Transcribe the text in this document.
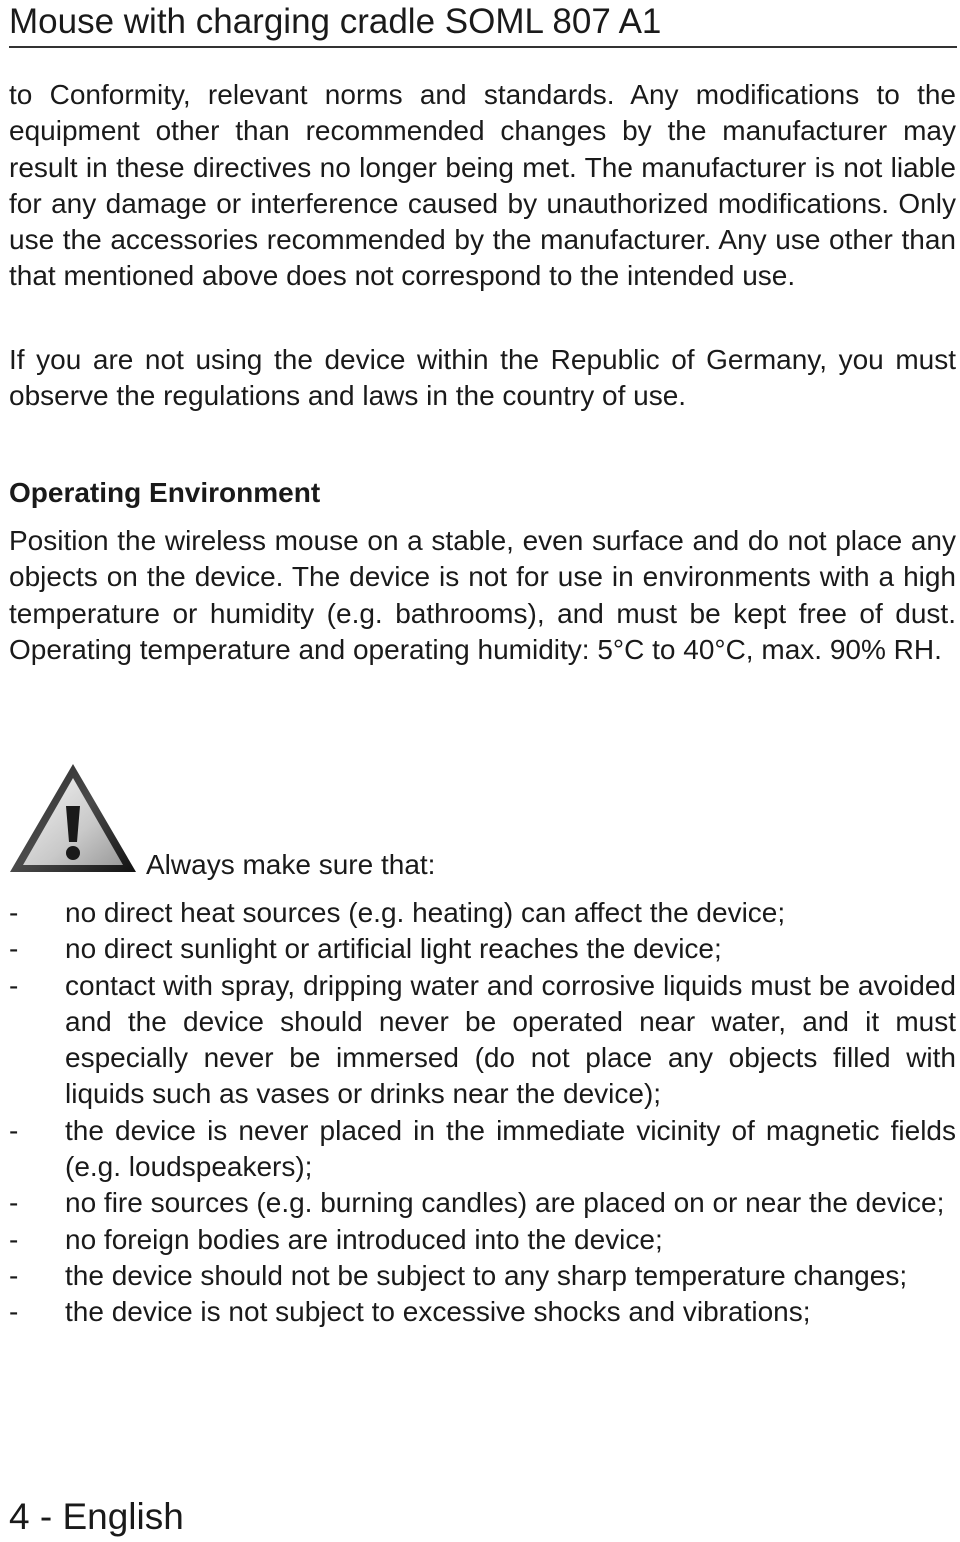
Mouse with charging cradle SOML 807 A1

to Conformity, relevant norms and standards. Any modifications to the equipment other than recommended changes by the manufacturer may result in these directives no longer being met. The manufacturer is not liable for any damage or interference caused by unauthorized modifications. Only use the accessories recommended by the manufacturer. Any use other than that mentioned above does not correspond to the intended use.

If you are not using the device within the Republic of Germany, you must observe the regulations and laws in the country of use.

Operating Environment

Position the wireless mouse on a stable, even surface and do not place any objects on the device. The device is not for use in environments with a high temperature or humidity (e.g. bathrooms), and must be kept free of dust. Operating temperature and operating humidity: 5°C to 40°C, max. 90% RH.

Always make sure that:
- no direct heat sources (e.g. heating) can affect the device;
- no direct sunlight or artificial light reaches the device;
- contact with spray, dripping water and corrosive liquids must be avoided and the device should never be operated near water, and it must especially never be immersed (do not place any objects filled with liquids such as vases or drinks near the device);
- the device is never placed in the immediate vicinity of magnetic fields (e.g. loudspeakers);
- no fire sources (e.g. burning candles) are placed on or near the device;
- no foreign bodies are introduced into the device;
- the device should not be subject to any sharp temperature changes;
- the device is not subject to excessive shocks and vibrations;
4 - English
